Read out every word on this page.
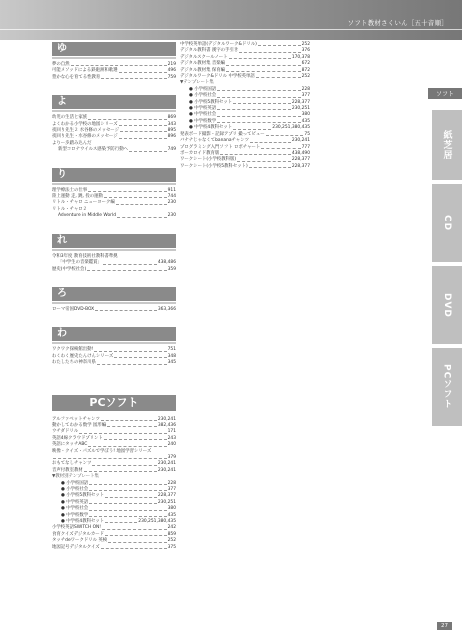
ソフト教材さくいん［五十音順］
ソフト
紙芝居
CD
DVD
PCソフト
ゆ
夢の自然	219
可能メソッドによる鉄砲洲和歌選	496
豊かな心を育てる性教育	759
よ
幼児の生活と家族	869
よくわかる小学校の地図シリーズ	343
夜回り先生２ 水谷修のメッセージ	895
夜回り先生・水谷修のメッセージ	896
よりー歩踏み込んだ
新型コロナウイルス感染予防行動へ	749
り
理学療法士の仕事	911
陸上運動 走, 跳, 投の運動	744
リトル・チャロ ニューヨーク編	230
リトル・チャロ２
Adventure in Middle World	230
れ
令和3年度 教育技術社教科書準拠
「中学生の音楽鑑賞」	438,486
歴史(中学校社会)	359
ろ
ローマ帝国DVD-BOX	363,366
わ
ワクワク探検館出動!	751
わくわく歴史たんけんシリーズ	348
わたしたちの神奈川県	345
PCソフト
アルファベットチャンツ	230,241
動かしてわかる数学 図形編	382,436
ウチダドリル	171
英語4線クラウドプリント	243
英語にタッチABC	240
映像・クイズ・パズルで学ぼう! 地図学習シリーズ
379
おもてなしチャンツ	230,241
音声付教室教材	230,241
▼教材別テンプレート集
● 小学校国語	228
● 小学校社会	377
● 小学校5教科セット	228,377
● 中学校英語	230,251
● 中学校社会	380
● 中学校数学	435
● 中学校4教科セット	230,251,380,435
小学校英語SWITCH ON!	242
食育クイズデジタルカード	859
タッチdeワークドリル 英検	252
地図記号デジタルクイズ	375
中学校英単語(デジタルワーク&ドリル)	252
デジタル教科書 漢字の手引き	376
デジタルスクールノート	170,378
デジタル教材集 音楽編	672
デジタル教材集 保育編	872
デジタルワーク&ドリル 中学校英単語	252
▼テンプレート集
● 小学校国語	228
● 小学校社会	377
● 小学校5教科セット	228,377
● 中学校英語	230,251
● 中学校社会	380
● 中学校数学	435
● 中学校4教科セット	230,251,380,435
発表ボード撮影・記録アプリ 撮ってビュー	75
バナナじゃなくてbananaチャンツ	230,241
プログラミング入門ソフト ロボチャート	777
ボーカロイド教育版	438,490
ワークシート(小学校教科版)	228,377
ワークシート(小学校5教科セット)	228,377
27
